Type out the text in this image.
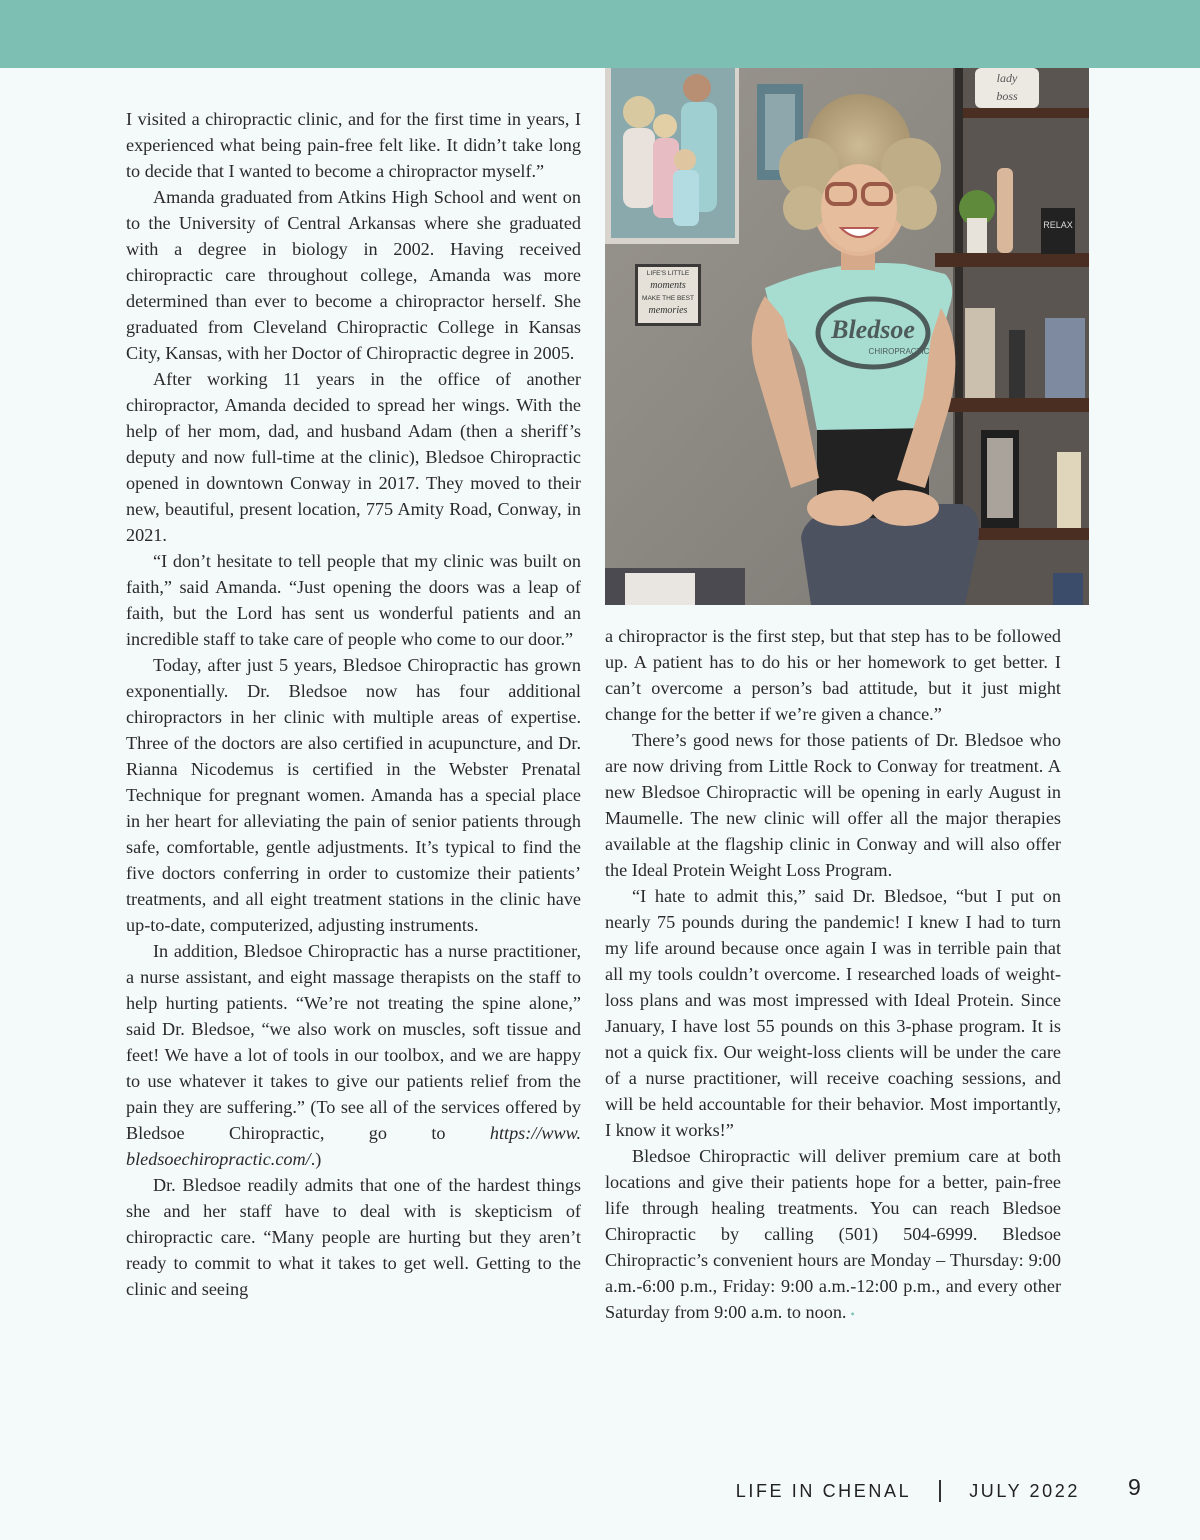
I visited a chiropractic clinic, and for the first time in years, I experienced what being pain-free felt like. It didn’t take long to decide that I wanted to become a chiropractor myself.”

Amanda graduated from Atkins High School and went on to the University of Central Arkansas where she graduated with a degree in biology in 2002. Having received chiropractic care throughout college, Amanda was more determined than ever to become a chiropractor herself. She graduated from Cleveland Chiropractic College in Kansas City, Kansas, with her Doctor of Chiropractic degree in 2005.

After working 11 years in the office of another chiropractor, Amanda decided to spread her wings. With the help of her mom, dad, and husband Adam (then a sheriff’s deputy and now full-time at the clinic), Bledsoe Chiropractic opened in downtown Conway in 2017. They moved to their new, beautiful, present location, 775 Amity Road, Conway, in 2021.

“I don’t hesitate to tell people that my clinic was built on faith,” said Amanda. “Just opening the doors was a leap of faith, but the Lord has sent us wonderful patients and an incredible staff to take care of people who come to our door.”

Today, after just 5 years, Bledsoe Chiropractic has grown exponentially. Dr. Bledsoe now has four additional chiropractors in her clinic with multiple areas of expertise. Three of the doctors are also certified in acupuncture, and Dr. Rianna Nicodemus is certified in the Webster Prenatal Technique for pregnant women. Amanda has a special place in her heart for alleviating the pain of senior patients through safe, comfortable, gentle adjustments. It’s typical to find the five doctors conferring in order to customize their patients’ treatments, and all eight treatment stations in the clinic have up-to-date, computerized, adjusting instruments.

In addition, Bledsoe Chiropractic has a nurse practitioner, a nurse assistant, and eight massage therapists on the staff to help hurting patients. “We’re not treating the spine alone,” said Dr. Bledsoe, “we also work on muscles, soft tissue and feet! We have a lot of tools in our toolbox, and we are happy to use whatever it takes to give our patients relief from the pain they are suffering.” (To see all of the services offered by Bledsoe Chiropractic, go to https://www. bledsoechiropractic.com/.)

Dr. Bledsoe readily admits that one of the hardest things she and her staff have to deal with is skepticism of chiropractic care. “Many people are hurting but they aren’t ready to commit to what it takes to get well. Getting to the clinic and seeing

LIFE'S LITTLE
moments
MAKE THE BEST
memories
lady
boss
RELAX
Bledsoe
CHIROPRACTIC

a chiropractor is the first step, but that step has to be followed up. A patient has to do his or her homework to get better. I can’t overcome a person’s bad attitude, but it just might change for the better if we’re given a chance.”

There’s good news for those patients of Dr. Bledsoe who are now driving from Little Rock to Conway for treatment. A new Bledsoe Chiropractic will be opening in early August in Maumelle. The new clinic will offer all the major therapies available at the flagship clinic in Conway and will also offer the Ideal Protein Weight Loss Program.

“I hate to admit this,” said Dr. Bledsoe, “but I put on nearly 75 pounds during the pandemic! I knew I had to turn my life around because once again I was in terrible pain that all my tools couldn’t overcome. I researched loads of weight-loss plans and was most impressed with Ideal Protein. Since January, I have lost 55 pounds on this 3-phase program. It is not a quick fix. Our weight-loss clients will be under the care of a nurse practitioner, will receive coaching sessions, and will be held accountable for their behavior. Most importantly, I know it works!”

Bledsoe Chiropractic will deliver premium care at both locations and give their patients hope for a better, pain-free life through healing treatments. You can reach Bledsoe Chiropractic by calling (501) 504-6999. Bledsoe Chiropractic’s convenient hours are Monday – Thursday: 9:00 a.m.-6:00 p.m., Friday: 9:00 a.m.-12:00 p.m., and every other Saturday from 9:00 a.m. to noon. •

LIFE IN CHENAL	JULY 2022 9
